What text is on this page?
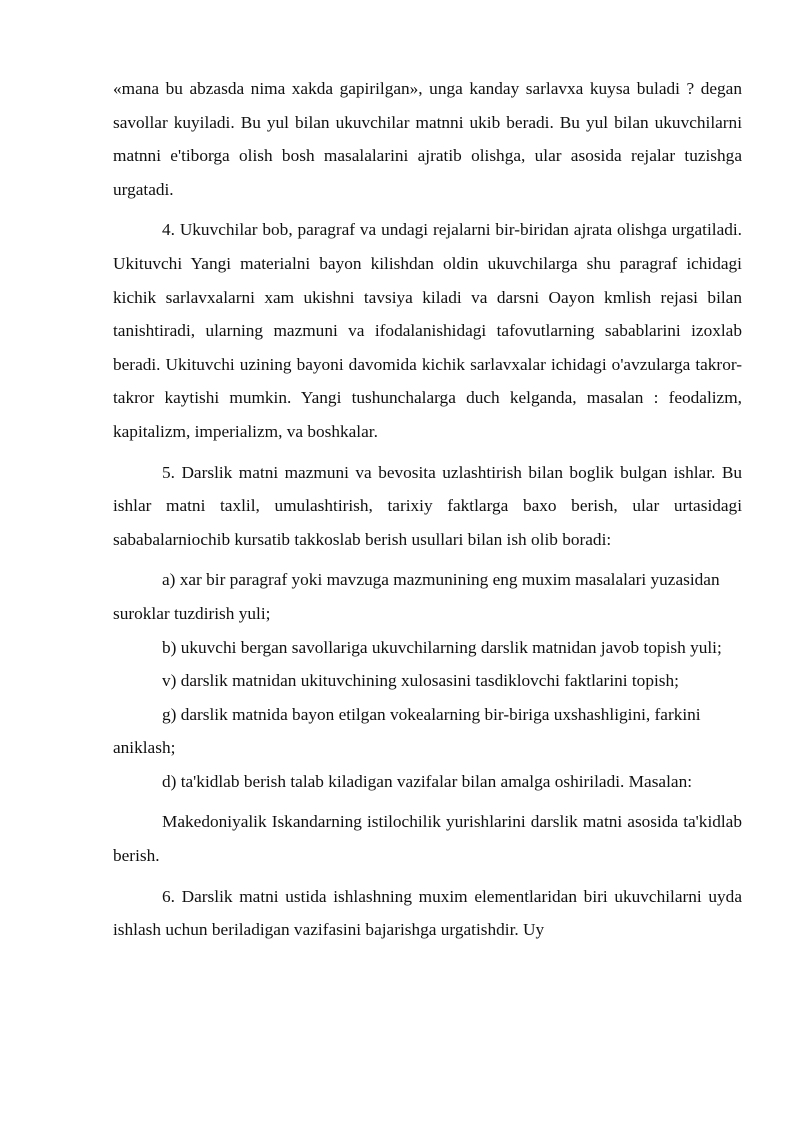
«mana bu abzasda nima xakda gapirilgan», unga kanday sarlavxa kuysa buladi ? degan savollar kuyiladi. Bu yul bilan ukuvchilar matnni ukib beradi. Bu yul bilan ukuvchilarni matnni e'tiborga olish bosh masalalarini ajratib olishga, ular asosida rejalar tuzishga urgatadi.

4. Ukuvchilar bob, paragraf va undagi rejalarni bir-biridan ajrata olishga urgatiladi. Ukituvchi Yangi materialni bayon kilishdan oldin ukuvchilarga shu paragraf ichidagi kichik sarlavxalarni xam ukishni tavsiya kiladi va darsni Oayon kmlish rejasi bilan tanishtiradi, ularning mazmuni va ifodalanishidagi tafovutlarning sabablarini izoxlab beradi. Ukituvchi uzining bayoni davomida kichik sarlavxalar ichidagi o'avzularga takror-takror kaytishi mumkin. Yangi tushunchalarga duch kelganda, masalan : feodalizm, kapitalizm, imperializm, va boshkalar.

5. Darslik matni mazmuni va bevosita uzlashtirish bilan boglik bulgan ishlar. Bu ishlar matni taxlil, umulashtirish, tarixiy faktlarga baxo berish, ular urtasidagi sababalarniochib kursatib takkoslab berish usullari bilan ish olib boradi:

a) xar bir paragraf yoki mavzuga mazmunining eng muxim masalalari yuzasidan suroklar tuzdirish yuli;

b) ukuvchi bergan savollariga ukuvchilarning darslik matnidan javob topish yuli;

v) darslik matnidan ukituvchining xulosasini tasdiklovchi faktlarini topish;

g) darslik matnida bayon etilgan vokealarning bir-biriga uxshashligini, farkini aniklash;

d) ta'kidlab berish talab kiladigan vazifalar bilan amalga oshiriladi. Masalan:

Makedoniyalik Iskandarning istilochilik yurishlarini darslik matni asosida ta'kidlab berish.

6. Darslik matni ustida ishlashning muxim elementlaridan biri ukuvchilarni uyda ishlash uchun beriladigan vazifasini bajarishga urgatishdir. Uy
